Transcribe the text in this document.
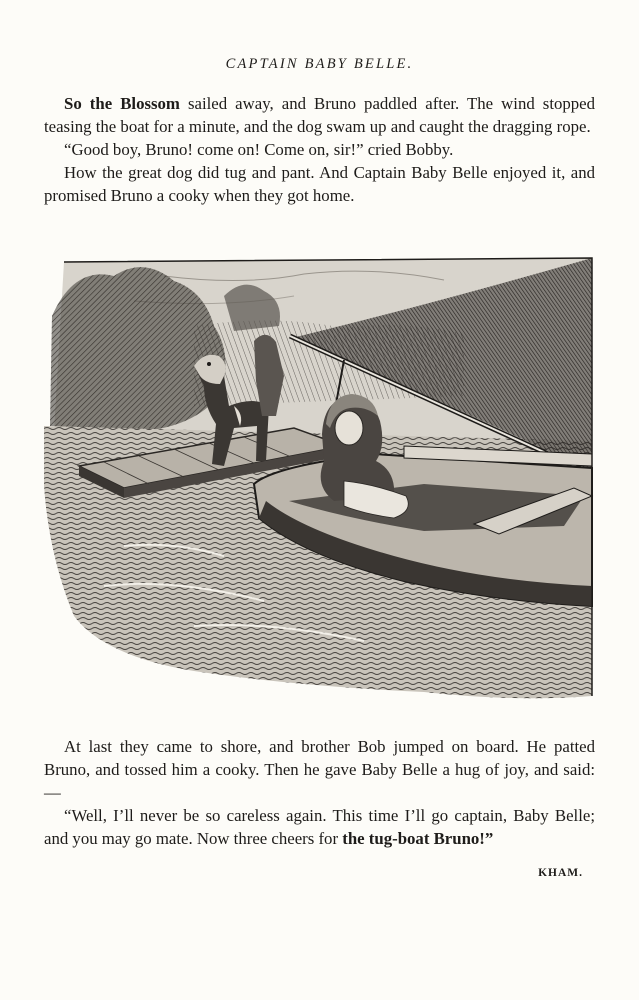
CAPTAIN BABY BELLE.

So the Blossom sailed away, and Bruno paddled after. The wind stopped teasing the boat for a minute, and the dog swam up and caught the dragging rope.

“Good boy, Bruno! come on! Come on, sir!” cried Bobby.

How the great dog did tug and pant. And Captain Baby Belle enjoyed it, and promised Bruno a cooky when they got home.

At last they came to shore, and brother Bob jumped on board. He patted Bruno, and tossed him a cooky. Then he gave Baby Belle a hug of joy, and said: —

“Well, I’ll never be so careless again. This time I’ll go captain, Baby Belle; and you may go mate. Now three cheers for the tug-boat Bruno!”

KHAM.
